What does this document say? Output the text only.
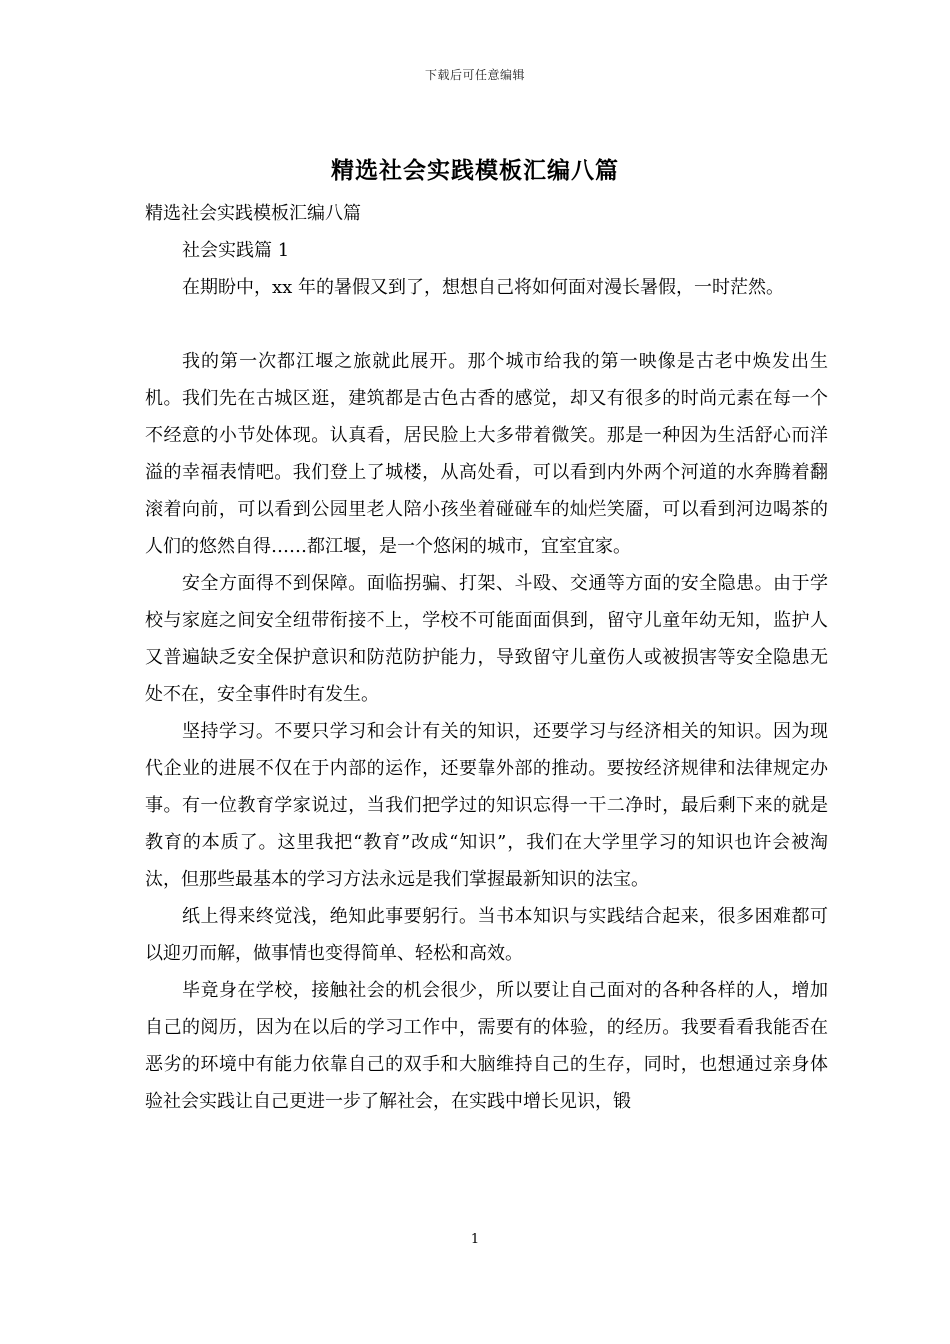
下载后可任意编辑
精选社会实践模板汇编八篇

精选社会实践模板汇编八篇

社会实践篇 1

在期盼中，xx 年的暑假又到了，想想自己将如何面对漫长暑假，一时茫然。

我的第一次都江堰之旅就此展开。那个城市给我的第一映像是古老中焕发出生机。我们先在古城区逛，建筑都是古色古香的感觉，却又有很多的时尚元素在每一个不经意的小节处体现。认真看，居民脸上大多带着微笑。那是一种因为生活舒心而洋溢的幸福表情吧。我们登上了城楼，从高处看，可以看到内外两个河道的水奔腾着翻滚着向前，可以看到公园里老人陪小孩坐着碰碰车的灿烂笑靥，可以看到河边喝茶的人们的悠然自得……都江堰，是一个悠闲的城市，宜室宜家。

安全方面得不到保障。面临拐骗、打架、斗殴、交通等方面的安全隐患。由于学校与家庭之间安全纽带衔接不上，学校不可能面面俱到，留守儿童年幼无知，监护人又普遍缺乏安全保护意识和防范防护能力，导致留守儿童伤人或被损害等安全隐患无处不在，安全事件时有发生。

坚持学习。不要只学习和会计有关的知识，还要学习与经济相关的知识。因为现代企业的进展不仅在于内部的运作，还要靠外部的推动。要按经济规律和法律规定办事。有一位教育学家说过，当我们把学过的知识忘得一干二净时，最后剩下来的就是教育的本质了。这里我把“教育”改成“知识”，我们在大学里学习的知识也许会被淘汰，但那些最基本的学习方法永远是我们掌握最新知识的法宝。

纸上得来终觉浅，绝知此事要躬行。当书本知识与实践结合起来，很多困难都可以迎刃而解，做事情也变得简单、轻松和高效。

毕竟身在学校，接触社会的机会很少，所以要让自己面对的各种各样的人，增加自己的阅历，因为在以后的学习工作中，需要有的体验，的经历。我要看看我能否在恶劣的环境中有能力依靠自己的双手和大脑维持自己的生存，同时，也想通过亲身体验社会实践让自己更进一步了解社会，在实践中增长见识，锻

1
